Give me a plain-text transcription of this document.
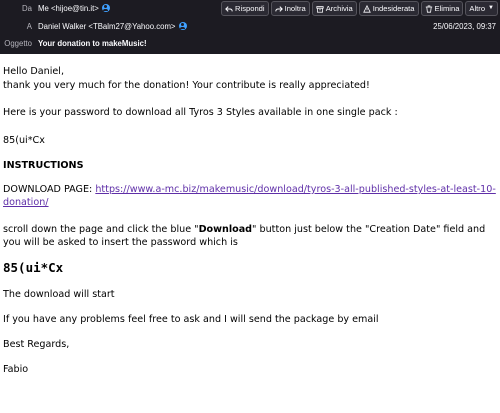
Da Me <hijoe@tin.it>	Rispondi	Inoltra	Archivia	Indesiderata	Elimina Altro ▼
A Daniel Walker <TBalm27@Yahoo.com>	25/06/2023, 09:37
Oggetto Your donation to makeMusic!

Hello Daniel,

thank you very much for the donation! Your contribute is really appreciated!

Here is your password to download all Tyros 3 Styles available in one single pack :

85(ui*Cx

INSTRUCTIONS

DOWNLOAD PAGE: https://www.a-mc.biz/makemusic/download/tyros-3-all-published-styles-at-least-10-donation/

scroll down the page and click the blue "Download" button just below the "Creation Date" field and you will be asked to insert the password which is

85(ui*Cx

The download will start

If you have any problems feel free to ask and I will send the package by email

Best Regards,

Fabio
